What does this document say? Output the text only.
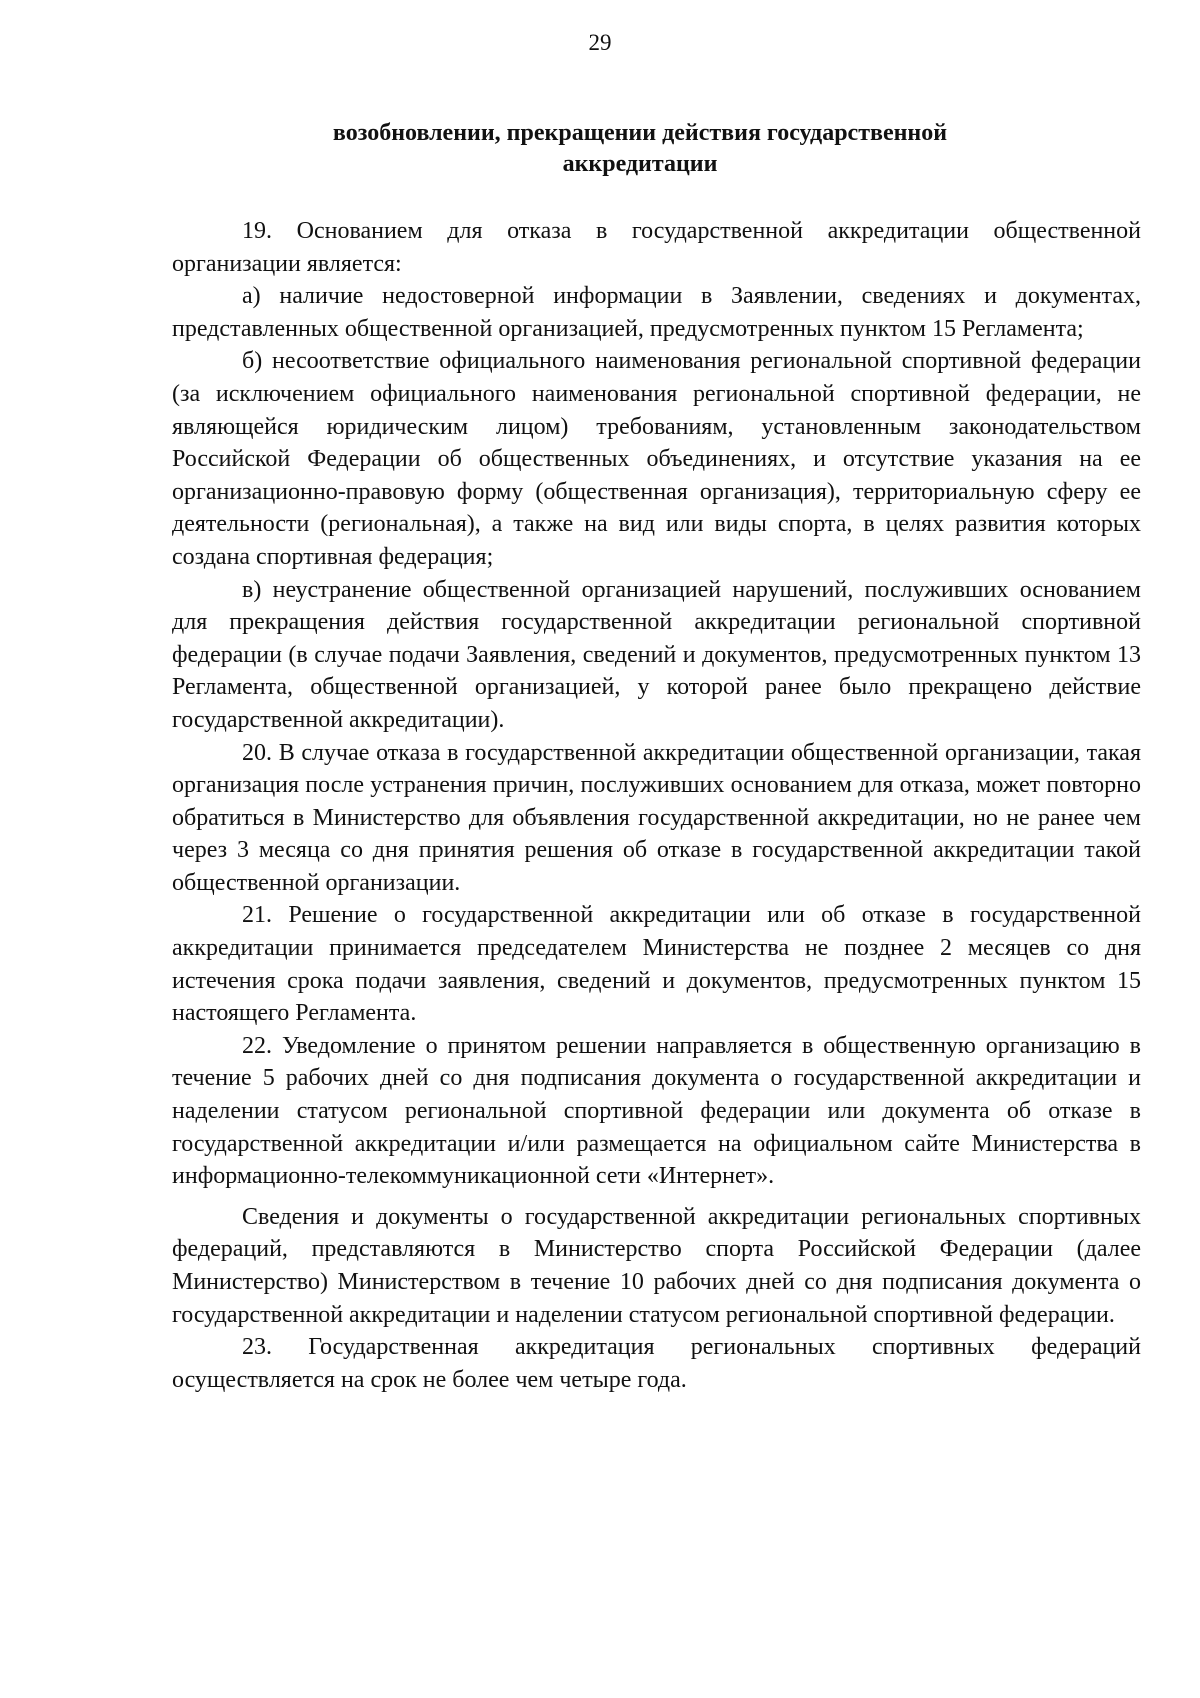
29
возобновлении, прекращении действия государственной
аккредитации

19. Основанием для отказа в государственной аккредитации общественной организации является:

а) наличие недостоверной информации в Заявлении, сведениях и документах, представленных общественной организацией, предусмотренных пунктом 15 Регламента;

б) несоответствие официального наименования региональной спортивной федерации (за исключением официального наименования региональной спортивной федерации, не являющейся юридическим лицом) требованиям, установленным законодательством Российской Федерации об общественных объединениях, и отсутствие указания на ее организационно-правовую форму (общественная организация), территориальную сферу ее деятельности (региональная), а также на вид или виды спорта, в целях развития которых создана спортивная федерация;

в) неустранение общественной организацией нарушений, послуживших основанием для прекращения действия государственной аккредитации региональной спортивной федерации (в случае подачи Заявления, сведений и документов, предусмотренных пунктом 13 Регламента, общественной организацией, у которой ранее было прекращено действие государственной аккредитации).

20. В случае отказа в государственной аккредитации общественной организации, такая организация после устранения причин, послуживших основанием для отказа, может повторно обратиться в Министерство для объявления государственной аккредитации, но не ранее чем через 3 месяца со дня принятия решения об отказе в государственной аккредитации такой общественной организации.

21. Решение о государственной аккредитации или об отказе в государственной аккредитации принимается председателем Министерства не позднее 2 месяцев со дня истечения срока подачи заявления, сведений и документов, предусмотренных пунктом 15 настоящего Регламента.

22. Уведомление о принятом решении направляется в общественную организацию в течение 5 рабочих дней со дня подписания документа о государственной аккредитации и наделении статусом региональной спортивной федерации или документа об отказе в государственной аккредитации и/или размещается на официальном сайте Министерства в информационно-телекоммуникационной сети «Интернет».

Сведения и документы о государственной аккредитации региональных спортивных федераций, представляются в Министерство спорта Российской Федерации (далее Министерство) Министерством в течение 10 рабочих дней со дня подписания документа о государственной аккредитации и наделении статусом региональной спортивной федерации.

23. Государственная аккредитация региональных спортивных федераций осуществляется на срок не более чем четыре года.
